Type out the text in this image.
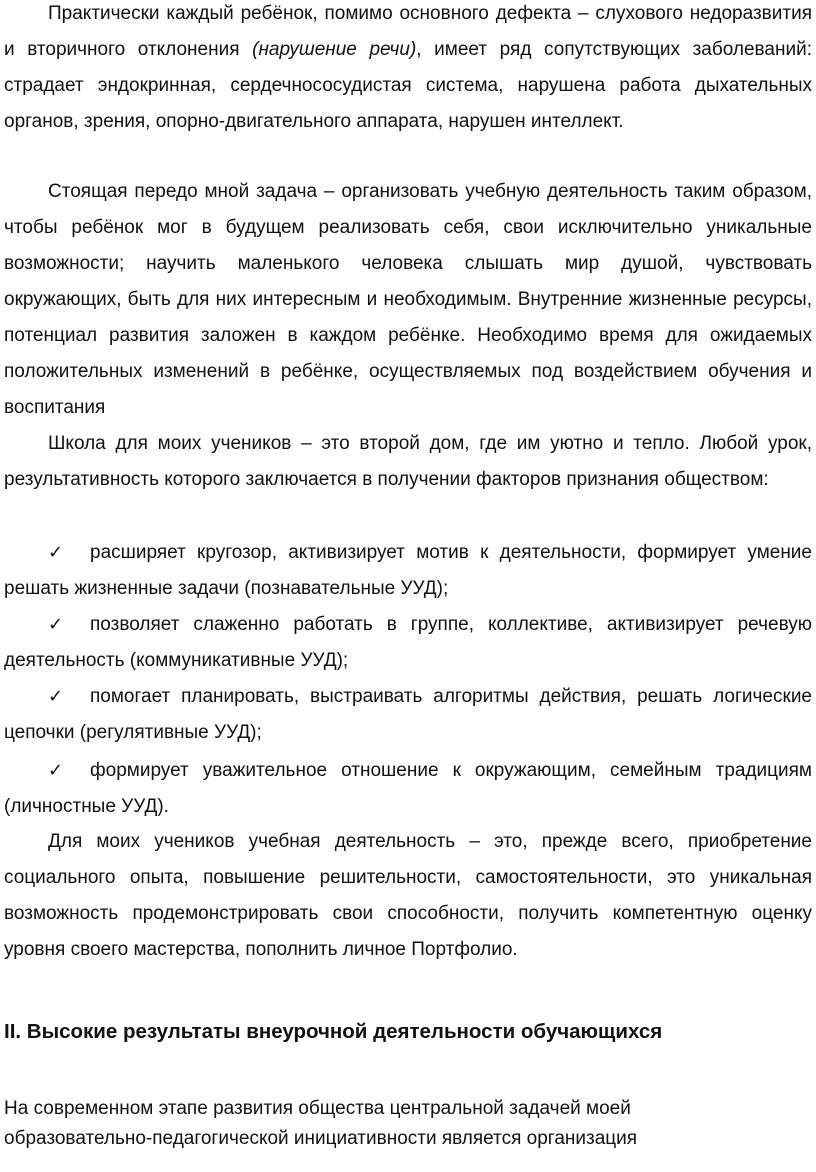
Практически каждый ребёнок, помимо основного дефекта – слухового недоразвития и вторичного отклонения (нарушение речи), имеет ряд сопутствующих заболеваний: страдает эндокринная, сердечнососудистая система, нарушена работа дыхательных органов, зрения, опорно-двигательного аппарата, нарушен интеллект.

Стоящая передо мной задача – организовать учебную деятельность таким образом, чтобы ребёнок мог в будущем реализовать себя, свои исключительно уникальные возможности; научить маленького человека слышать мир душой, чувствовать окружающих, быть для них интересным и необходимым. Внутренние жизненные ресурсы, потенциал развития заложен в каждом ребёнке. Необходимо время для ожидаемых положительных изменений в ребёнке, осуществляемых под воздействием обучения и воспитания

Школа для моих учеников – это второй дом, где им уютно и тепло. Любой урок, результативность которого заключается в получении факторов признания обществом:

✓ расширяет кругозор, активизирует мотив к деятельности, формирует умение решать жизненные задачи (познавательные УУД);

✓ позволяет слаженно работать в группе, коллективе, активизирует речевую деятельность (коммуникативные УУД);

✓ помогает планировать, выстраивать алгоритмы действия, решать логические цепочки (регулятивные УУД);

✓ формирует уважительное отношение к окружающим, семейным традициям (личностные УУД).

Для моих учеников учебная деятельность – это, прежде всего, приобретение социального опыта, повышение решительности, самостоятельности, это уникальная возможность продемонстрировать свои способности, получить компетентную оценку уровня своего мастерства, пополнить личное Портфолио.

II. Высокие результаты внеурочной деятельности обучающихся

На современном этапе развития общества центральной задачей моей

образовательно-педагогической инициативности является организация
